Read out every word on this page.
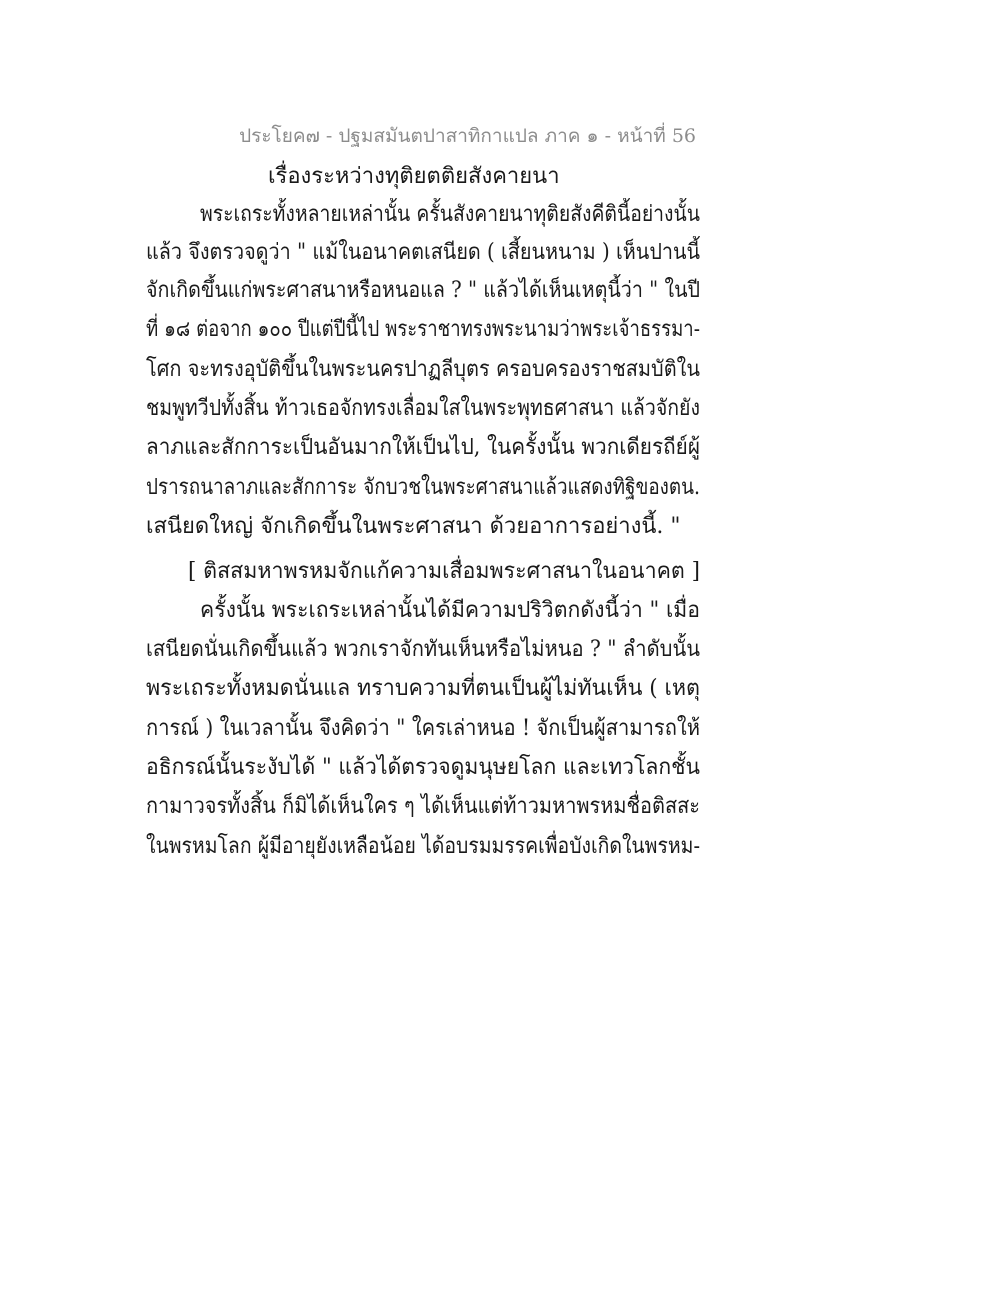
ประโยค๗ - ปฐมสมันตปาสาทิกาแปล ภาค ๑ - หน้าที่ 56
เรื่องระหว่างทุติยตติยสังคายนา
พระเถระทั้งหลายเหล่านั้น ครั้นสังคายนาทุติยสังคีตินี้อย่างนั้น
แล้ว จึงตรวจดูว่า " แม้ในอนาคตเสนียด ( เสี้ยนหนาม ) เห็นปานนี้
จักเกิดขึ้นแก่พระศาสนาหรือหนอแล ? " แล้วได้เห็นเหตุนี้ว่า " ในปี
ที่ ๑๘ ต่อจาก ๑๐๐ ปีแต่ปีนี้ไป พระราชาทรงพระนามว่าพระเจ้าธรรมา-
โศก จะทรงอุบัติขึ้นในพระนครปาฏลีบุตร ครอบครองราชสมบัติใน
ชมพูทวีปทั้งสิ้น ท้าวเธอจักทรงเลื่อมใสในพระพุทธศาสนา แล้วจักยัง
ลาภและสักการะเป็นอันมากให้เป็นไป, ในครั้งนั้น พวกเดียรถีย์ผู้
ปรารถนาลาภและสักการะ จักบวชในพระศาสนาแล้วแสดงทิฐิของตน.
เสนียดใหญ่ จักเกิดขึ้นในพระศาสนา ด้วยอาการอย่างนี้. "
[ ติสสมหาพรหมจักแก้ความเสื่อมพระศาสนาในอนาคต ]
ครั้งนั้น พระเถระเหล่านั้นได้มีความปริวิตกดังนี้ว่า " เมื่อ
เสนียดนั่นเกิดขึ้นแล้ว พวกเราจักทันเห็นหรือไม่หนอ ? " ลำดับนั้น
พระเถระทั้งหมดนั่นแล ทราบความที่ตนเป็นผู้ไม่ทันเห็น ( เหตุ
การณ์ ) ในเวลานั้น จึงคิดว่า " ใครเล่าหนอ ! จักเป็นผู้สามารถให้
อธิกรณ์นั้นระงับได้ " แล้วได้ตรวจดูมนุษยโลก และเทวโลกชั้น
กามาวจรทั้งสิ้น ก็มิได้เห็นใคร ๆ ได้เห็นแต่ท้าวมหาพรหมชื่อติสสะ
ในพรหมโลก ผู้มีอายุยังเหลือน้อย ได้อบรมมรรคเพื่อบังเกิดในพรหม-
